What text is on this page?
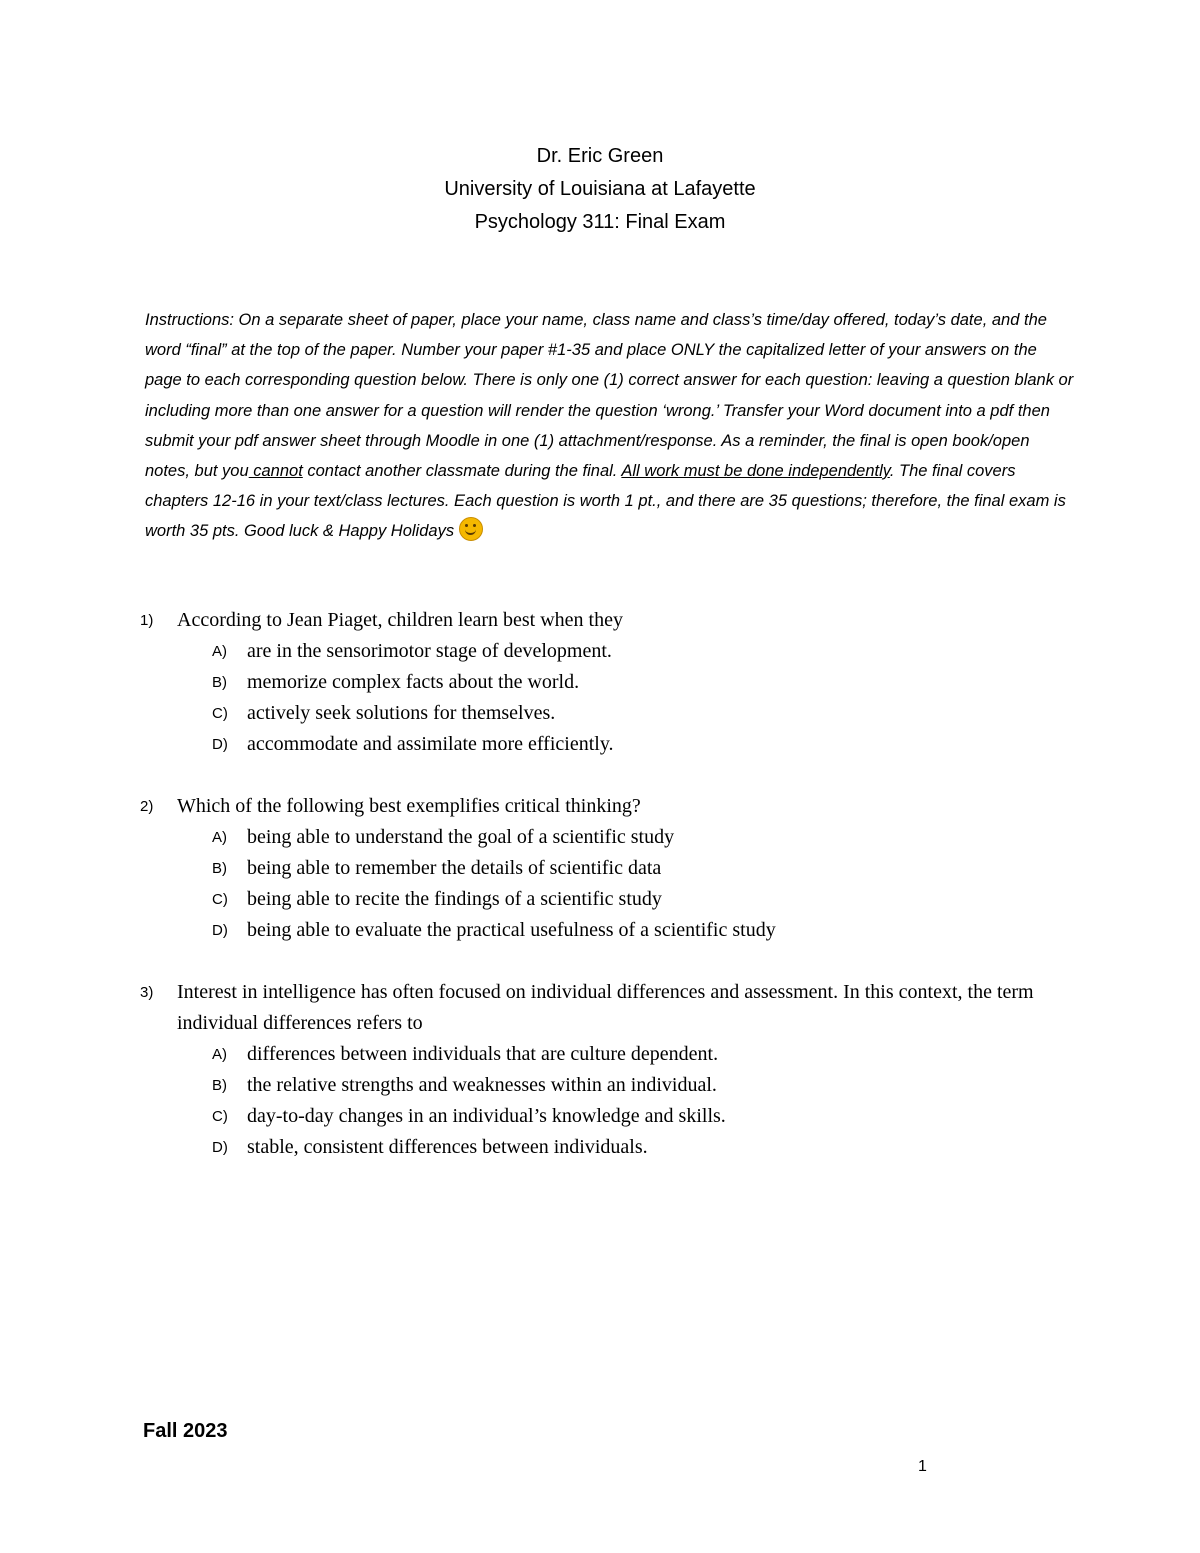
Dr. Eric Green
University of Louisiana at Lafayette
Psychology 311: Final Exam
Instructions: On a separate sheet of paper, place your name, class name and class’s time/day offered, today’s date, and the word “final” at the top of the paper. Number your paper #1-35 and place ONLY the capitalized letter of your answers on the page to each corresponding question below. There is only one (1) correct answer for each question: leaving a question blank or including more than one answer for a question will render the question ‘wrong.’ Transfer your Word document into a pdf then submit your pdf answer sheet through Moodle in one (1) attachment/response. As a reminder, the final is open book/open notes, but you cannot contact another classmate during the final. All work must be done independently. The final covers chapters 12-16 in your text/class lectures. Each question is worth 1 pt., and there are 35 questions; therefore, the final exam is worth 35 pts. Good luck & Happy Holidays
1) According to Jean Piaget, children learn best when they
A) are in the sensorimotor stage of development.
B) memorize complex facts about the world.
C) actively seek solutions for themselves.
D) accommodate and assimilate more efficiently.
2) Which of the following best exemplifies critical thinking?
A) being able to understand the goal of a scientific study
B) being able to remember the details of scientific data
C) being able to recite the findings of a scientific study
D) being able to evaluate the practical usefulness of a scientific study
3) Interest in intelligence has often focused on individual differences and assessment. In this context, the term individual differences refers to
A) differences between individuals that are culture dependent.
B) the relative strengths and weaknesses within an individual.
C) day-to-day changes in an individual’s knowledge and skills.
D) stable, consistent differences between individuals.
Fall 2023
1
